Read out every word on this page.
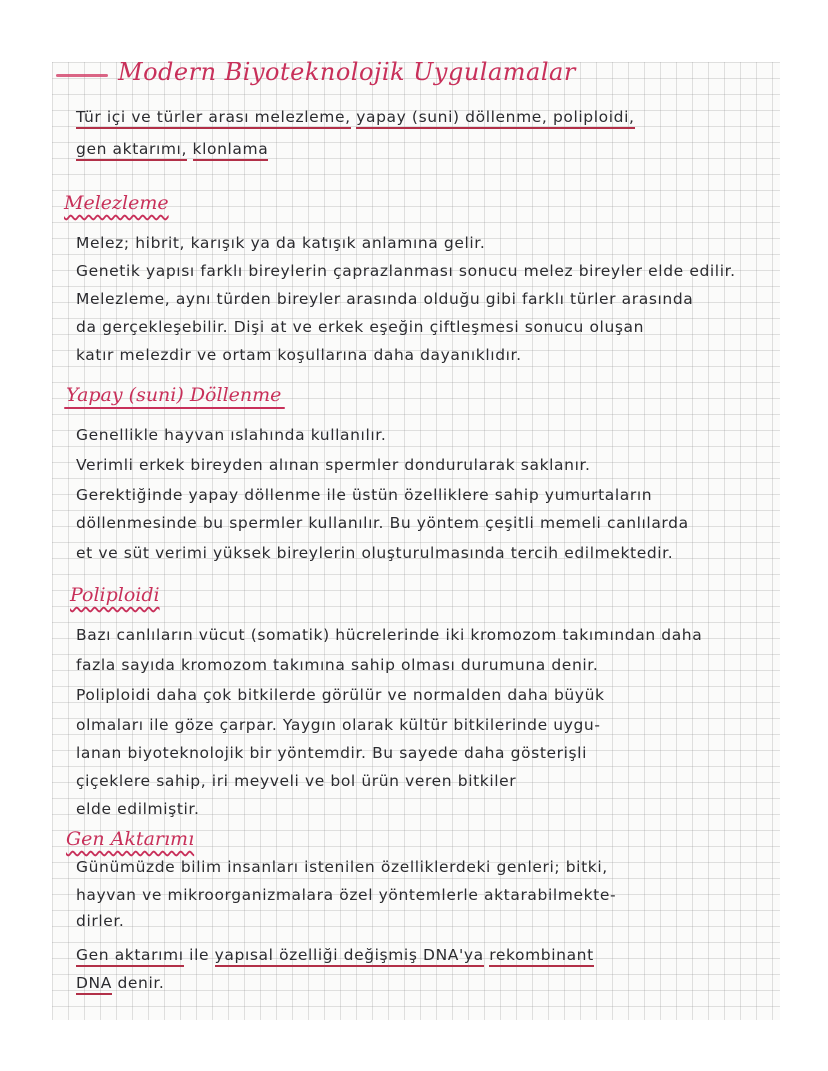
Modern Biyoteknolojik Uygulamalar
Tür içi ve türler arası melezleme, yapay (suni) döllenme, poliploidi,
gen aktarımı, klonlama
Melezleme
Melez; hibrit, karışık ya da katışık anlamına gelir.
Genetik yapısı farklı bireylerin çaprazlanması sonucu melez bireyler elde edilir.
Melezleme, aynı türden bireyler arasında olduğu gibi farklı türler arasında
da gerçekleşebilir. Dişi at ve erkek eşeğin çiftleşmesi sonucu oluşan
katır melezdir ve ortam koşullarına daha dayanıklıdır.
Yapay (suni) Döllenme
Genellikle hayvan ıslahında kullanılır.
Verimli erkek bireyden alınan spermler dondurularak saklanır.
Gerektiğinde yapay döllenme ile üstün özelliklere sahip yumurtaların
döllenmesinde bu spermler kullanılır. Bu yöntem çeşitli memeli canlılarda
et ve süt verimi yüksek bireylerin oluşturulmasında tercih edilmektedir.
Poliploidi
Bazı canlıların vücut (somatik) hücrelerinde iki kromozom takımından daha
fazla sayıda kromozom takımına sahip olması durumuna denir.
Poliploidi daha çok bitkilerde görülür ve normalden daha büyük
olmaları ile göze çarpar. Yaygın olarak kültür bitkilerinde uygu-
lanan biyoteknolojik bir yöntemdir. Bu sayede daha gösterişli
çiçeklere sahip, iri meyveli ve bol ürün veren bitkiler
elde edilmiştir.
Gen Aktarımı
Günümüzde bilim insanları istenilen özelliklerdeki genleri; bitki,
hayvan ve mikroorganizmalara özel yöntemlerle aktarabilmekte-
dirler.
Gen aktarımı ile yapısal özelliği değişmiş DNA'ya rekombinant
DNA denir.
